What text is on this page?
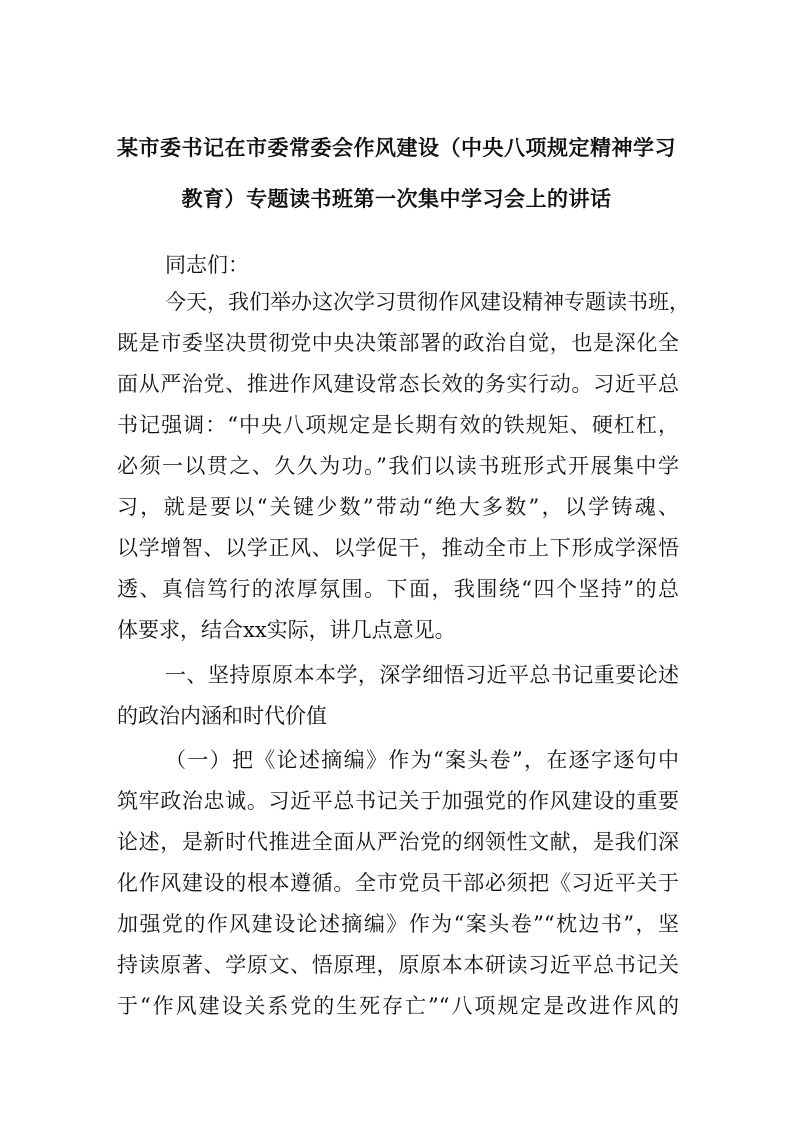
某市委书记在市委常委会作风建设（中央八项规定精神学习
教育）专题读书班第一次集中学习会上的讲话
同志们：
今天，我们举办这次学习贯彻作风建设精神专题读书班，
既是市委坚决贯彻党中央决策部署的政治自觉，也是深化全
面从严治党、推进作风建设常态长效的务实行动。习近平总
书记强调：“中央八项规定是长期有效的铁规矩、硬杠杠，
必须一以贯之、久久为功。”我们以读书班形式开展集中学
习，就是要以“关键少数”带动“绝大多数”，以学铸魂、
以学增智、以学正风、以学促干，推动全市上下形成学深悟
透、真信笃行的浓厚氛围。下面，我围绕“四个坚持”的总
体要求，结合xx实际，讲几点意见。
一、坚持原原本本学，深学细悟习近平总书记重要论述
的政治内涵和时代价值
（一）把《论述摘编》作为“案头卷”，在逐字逐句中
筑牢政治忠诚。习近平总书记关于加强党的作风建设的重要
论述，是新时代推进全面从严治党的纲领性文献，是我们深
化作风建设的根本遵循。全市党员干部必须把《习近平关于
加强党的作风建设论述摘编》作为“案头卷”“枕边书”，坚
持读原著、学原文、悟原理，原原本本研读习近平总书记关
于“作风建设关系党的生死存亡”“八项规定是改进作风的
